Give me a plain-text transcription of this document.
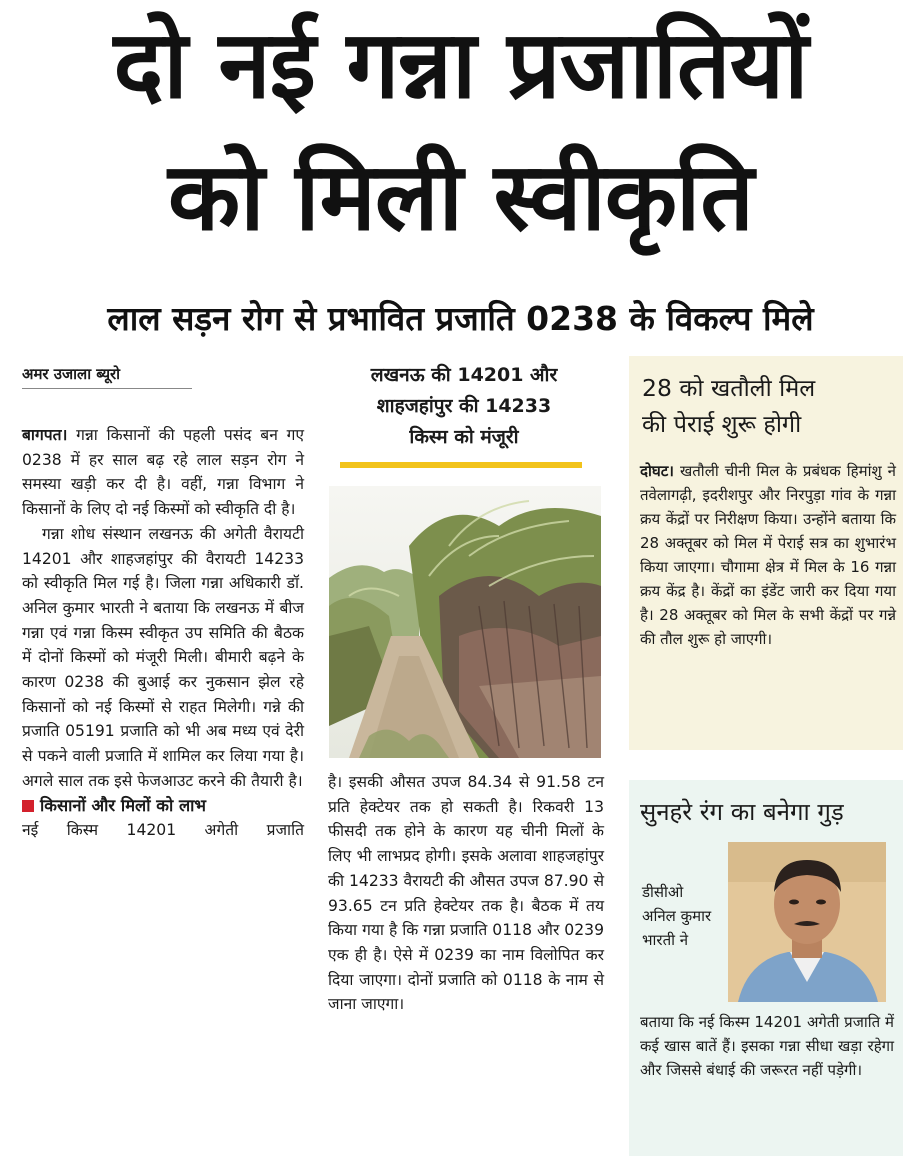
दो नई गन्ना प्रजातियों
को मिली स्वीकृति
लाल सड़न रोग से प्रभावित प्रजाति 0238 के विकल्प मिले
अमर उजाला ब्यूरो

बागपत। गन्ना किसानों की पहली पसंद बन गए 0238 में हर साल बढ़ रहे लाल सड़न रोग ने समस्या खड़ी कर दी है। वहीं, गन्ना विभाग ने किसानों के लिए दो नई किस्मों को स्वीकृति दी है।

गन्ना शोध संस्थान लखनऊ की अगेती वैरायटी 14201 और शाहजहांपुर की वैरायटी 14233 को स्वीकृति मिल गई है। जिला गन्ना अधिकारी डॉ. अनिल कुमार भारती ने बताया कि लखनऊ में बीज गन्ना एवं गन्ना किस्म स्वीकृत उप समिति की बैठक में दोनों किस्मों को मंजूरी मिली। बीमारी बढ़ने के कारण 0238 की बुआई कर नुकसान झेल रहे किसानों को नई किस्मों से राहत मिलेगी। गन्ने की प्रजाति 05191 प्रजाति को भी अब मध्य एवं देरी से पकने वाली प्रजाति में शामिल कर लिया गया है। अगले साल तक इसे फेजआउट करने की तैयारी है।

किसानों और मिलों को लाभ

नई किस्म 14201 अगेती प्रजाति

लखनऊ की 14201 और
शाहजहांपुर की 14233
किस्म को मंजूरी

है। इसकी औसत उपज 84.34 से 91.58 टन प्रति हेक्टेयर तक हो सकती है। रिकवरी 13 फीसदी तक होने के कारण यह चीनी मिलों के लिए भी लाभप्रद होगी। इसके अलावा शाहजहांपुर की 14233 वैरायटी की औसत उपज 87.90 से 93.65 टन प्रति हेक्टेयर तक है। बैठक में तय किया गया है कि गन्ना प्रजाति 0118 और 0239 एक ही है। ऐसे में 0239 का नाम विलोपित कर दिया जाएगा। दोनों प्रजाति को 0118 के नाम से जाना जाएगा।

28 को खतौली मिल
की पेराई शुरू होगी

दोघट। खतौली चीनी मिल के प्रबंधक हिमांशु ने तवेलागढ़ी, इदरीशपुर और निरपुड़ा गांव के गन्ना क्रय केंद्रों पर निरीक्षण किया। उन्होंने बताया कि 28 अक्तूबर को मिल में पेराई सत्र का शुभारंभ किया जाएगा। चौगामा क्षेत्र में मिल के 16 गन्ना क्रय केंद्र है। केंद्रों का इंडेंट जारी कर दिया गया है। 28 अक्तूबर को मिल के सभी केंद्रों पर गन्ने की तौल शुरू हो जाएगी।

सुनहरे रंग का बनेगा गुड़
डीसीओ अनिल कुमार भारती ने
बताया कि नई किस्म 14201 अगेती प्रजाति में कई खास बातें हैं। इसका गन्ना सीधा खड़ा रहेगा और जिससे बंधाई की जरूरत नहीं पड़ेगी।
